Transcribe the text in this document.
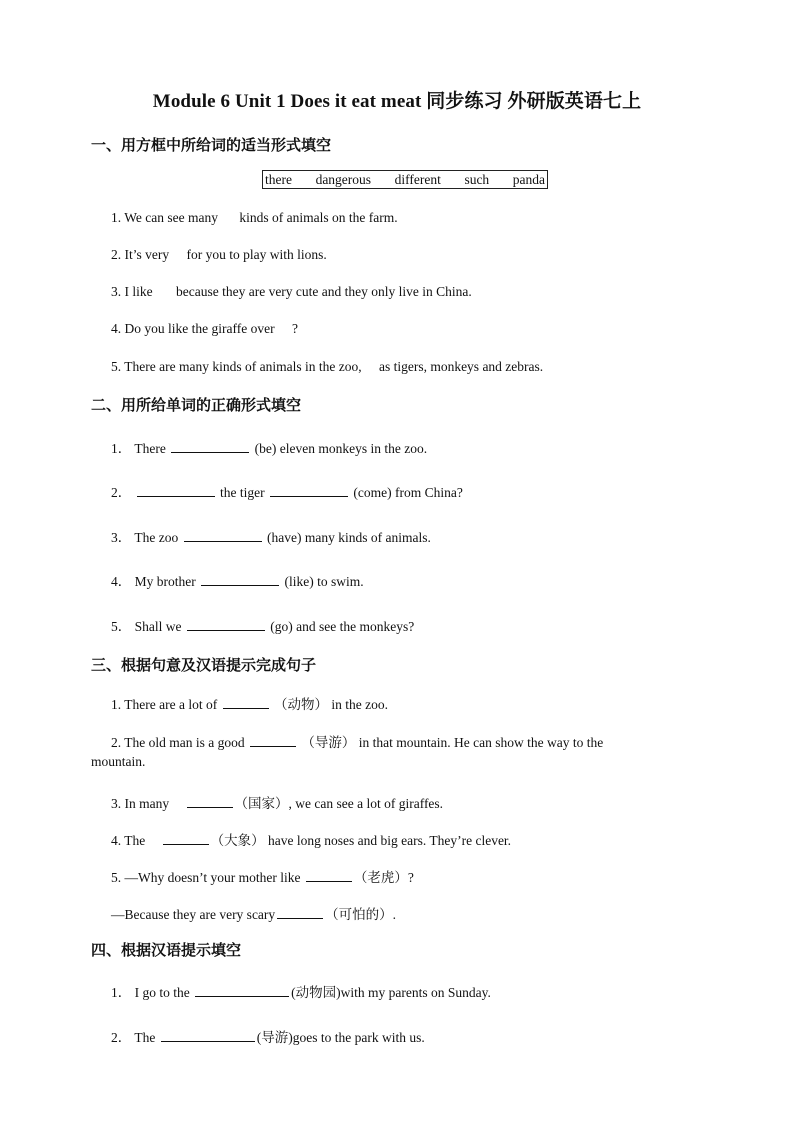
Module 6 Unit 1 Does it eat meat 同步练习 外研版英语七上
一、用方框中所给词的适当形式填空
there dangerous different such panda
1. We can see many kinds of animals on the farm.
2. It’s very for you to play with lions.
3. I like because they are very cute and they only live in China.
4. Do you like the giraffe over ?
5. There are many kinds of animals in the zoo, as tigers, monkeys and zebras.
二、用所给单词的正确形式填空
1． There	(be) eleven monkeys in the zoo.
2．	the tiger	(come) from China?
3． The zoo	(have) many kinds of animals.
4． My brother	(like) to swim.
5． Shall we	(go) and see the monkeys?
三、根据句意及汉语提示完成句子
1. There are a lot of	（动物） in the zoo.
2. The old man is a good	（导游） in that mountain. He can show the way to the
mountain.
3. In many	（国家）, we can see a lot of giraffes.
4. The	（大象） have long noses and big ears. They’re clever.
5. —Why doesn’t your mother like	（老虎）?
—Because they are very scary	（可怕的）.
四、根据汉语提示填空
1． I go to the	(动物园)with my parents on Sunday.
2． The	(导游)goes to the park with us.
